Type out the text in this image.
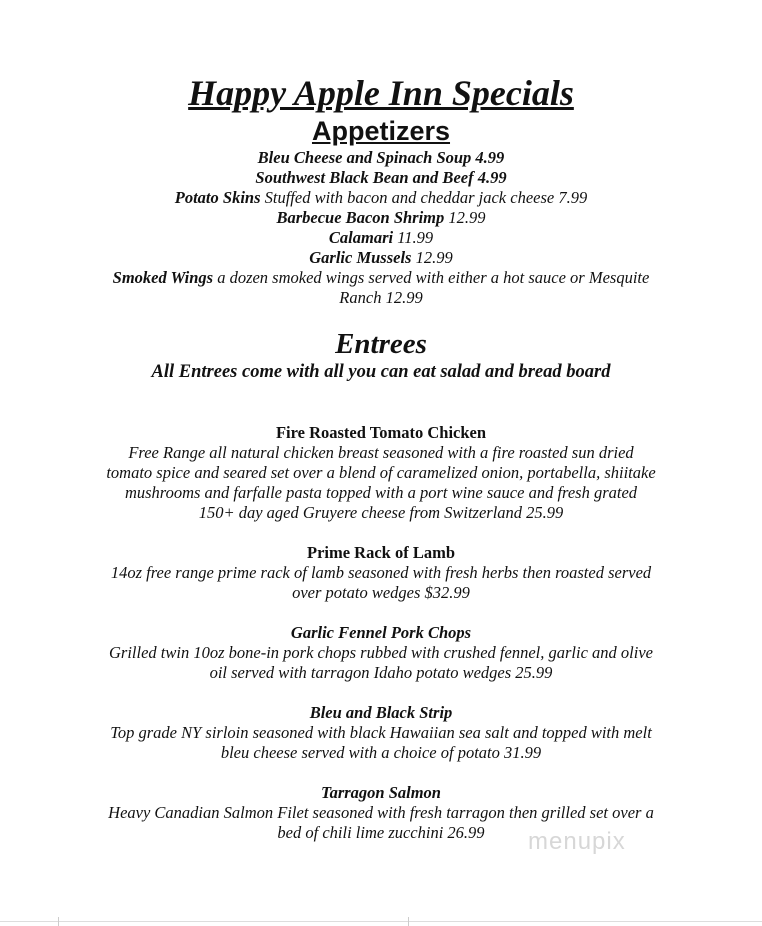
Happy Apple Inn Specials
Appetizers
Bleu Cheese and Spinach Soup 4.99
Southwest Black Bean and Beef 4.99
Potato Skins Stuffed with bacon and cheddar jack cheese 7.99
Barbecue Bacon Shrimp 12.99
Calamari 11.99
Garlic Mussels 12.99
Smoked Wings a dozen smoked wings served with either a hot sauce or Mesquite
Ranch 12.99
Entrees
All Entrees come with all you can eat salad and bread board
Fire Roasted Tomato Chicken
Free Range all natural chicken breast seasoned with a fire roasted sun dried
tomato spice and seared set over a blend of caramelized onion, portabella, shiitake
mushrooms and farfalle pasta topped with a port wine sauce and fresh grated
150+ day aged Gruyere cheese from Switzerland 25.99
Prime Rack of Lamb
14oz free range prime rack of lamb seasoned with fresh herbs then roasted served
over potato wedges $32.99
Garlic Fennel Pork Chops
Grilled twin 10oz bone-in pork chops rubbed with crushed fennel, garlic and olive
oil served with tarragon Idaho potato wedges 25.99
Bleu and Black Strip
Top grade NY sirloin seasoned with black Hawaiian sea salt and topped with melt
bleu cheese served with a choice of potato 31.99
Tarragon Salmon
Heavy Canadian Salmon Filet seasoned with fresh tarragon then grilled set over a
bed of chili lime zucchini 26.99	menupix
